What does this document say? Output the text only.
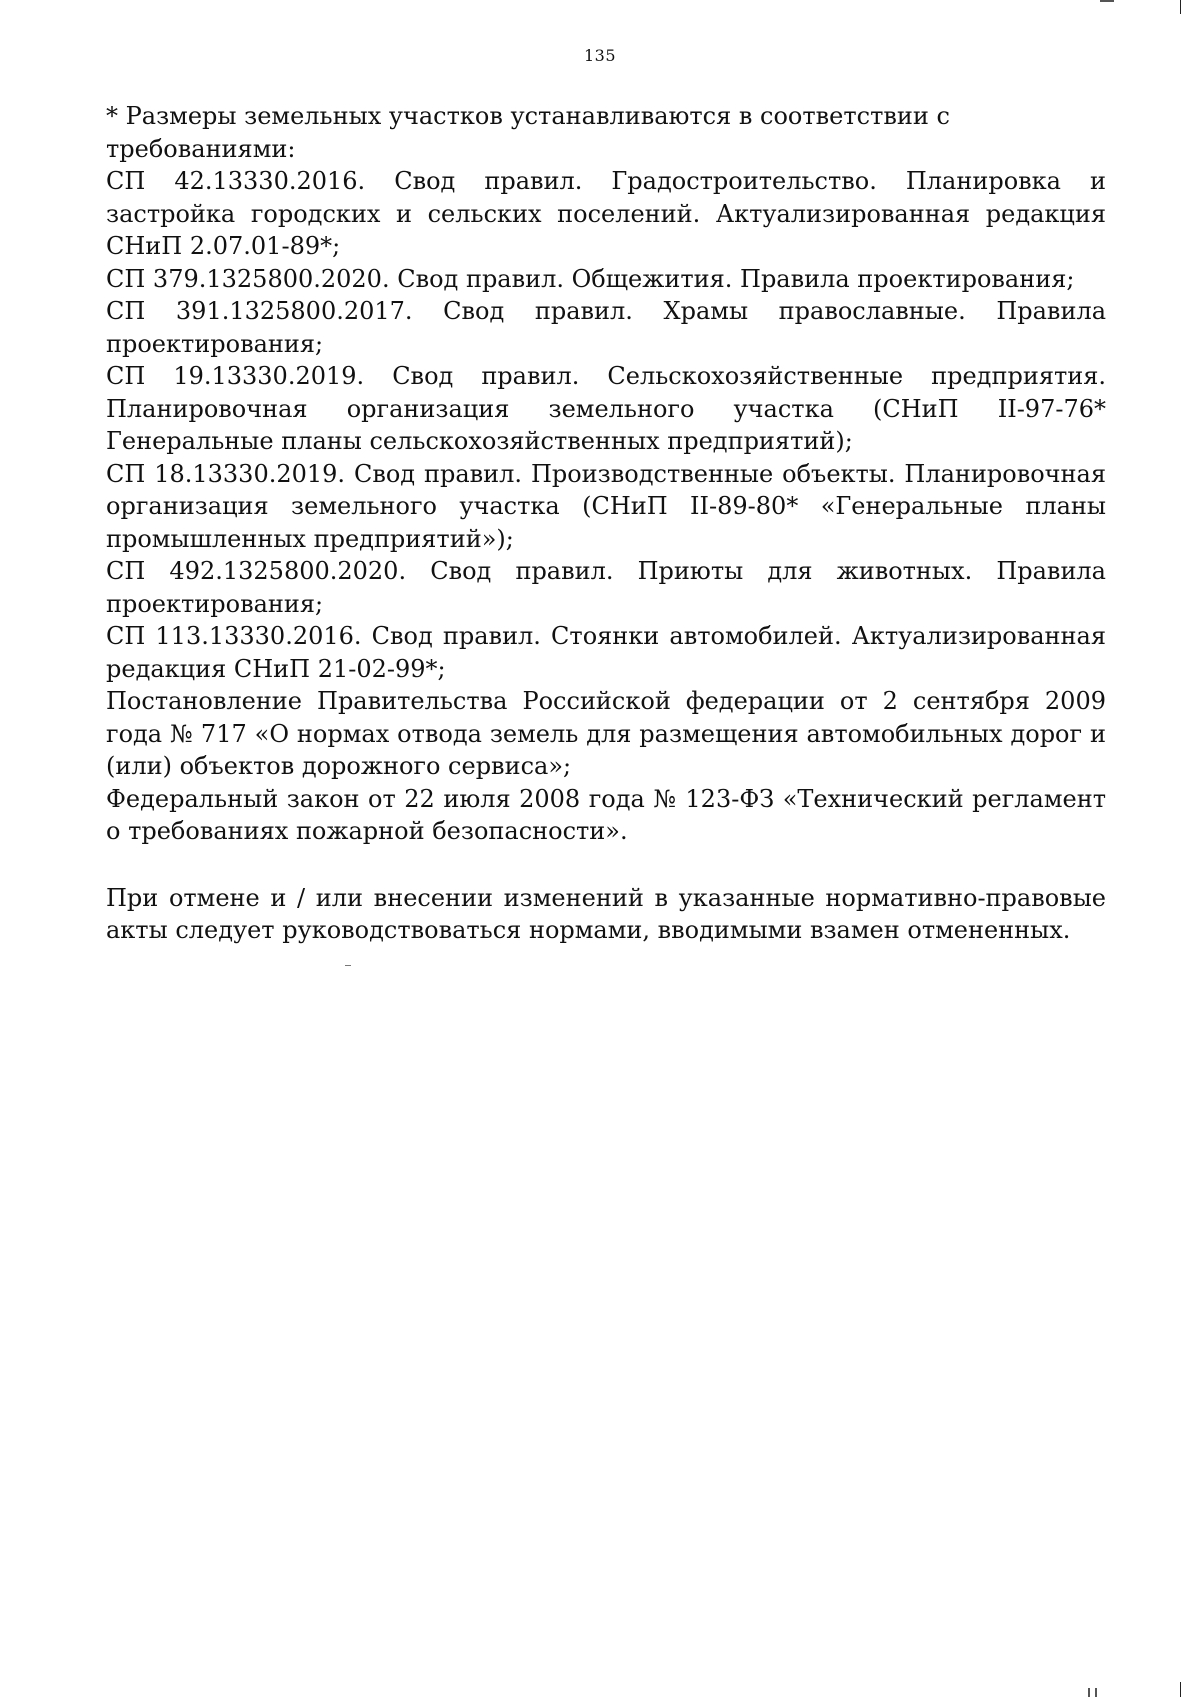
135

* Размеры земельных участков устанавливаются в соответствии с требованиями:

СП 42.13330.2016. Свод правил. Градостроительство. Планировка и застройка городских и сельских поселений. Актуализированная редакция СНиП 2.07.01-89*;

СП 379.1325800.2020. Свод правил. Общежития. Правила проектирования;

СП 391.1325800.2017. Свод правил. Храмы православные. Правила проектирования;

СП 19.13330.2019. Свод правил. Сельскохозяйственные предприятия. Планировочная организация земельного участка (СНиП II-97-76* Генеральные планы сельскохозяйственных предприятий);

СП 18.13330.2019. Свод правил. Производственные объекты. Планировочная организация земельного участка (СНиП II-89-80* «Генеральные планы промышленных предприятий»);

СП 492.1325800.2020. Свод правил. Приюты для животных. Правила проектирования;

СП 113.13330.2016. Свод правил. Стоянки автомобилей. Актуализированная редакция СНиП 21-02-99*;

Постановление Правительства Российской федерации от 2 сентября 2009 года № 717 «О нормах отвода земель для размещения автомобильных дорог и (или) объектов дорожного сервиса»;

Федеральный закон от 22 июля 2008 года № 123-ФЗ «Технический регламент о требованиях пожарной безопасности».

При отмене и / или внесении изменений в указанные нормативно-правовые акты следует руководствоваться нормами, вводимыми взамен отмененных.
